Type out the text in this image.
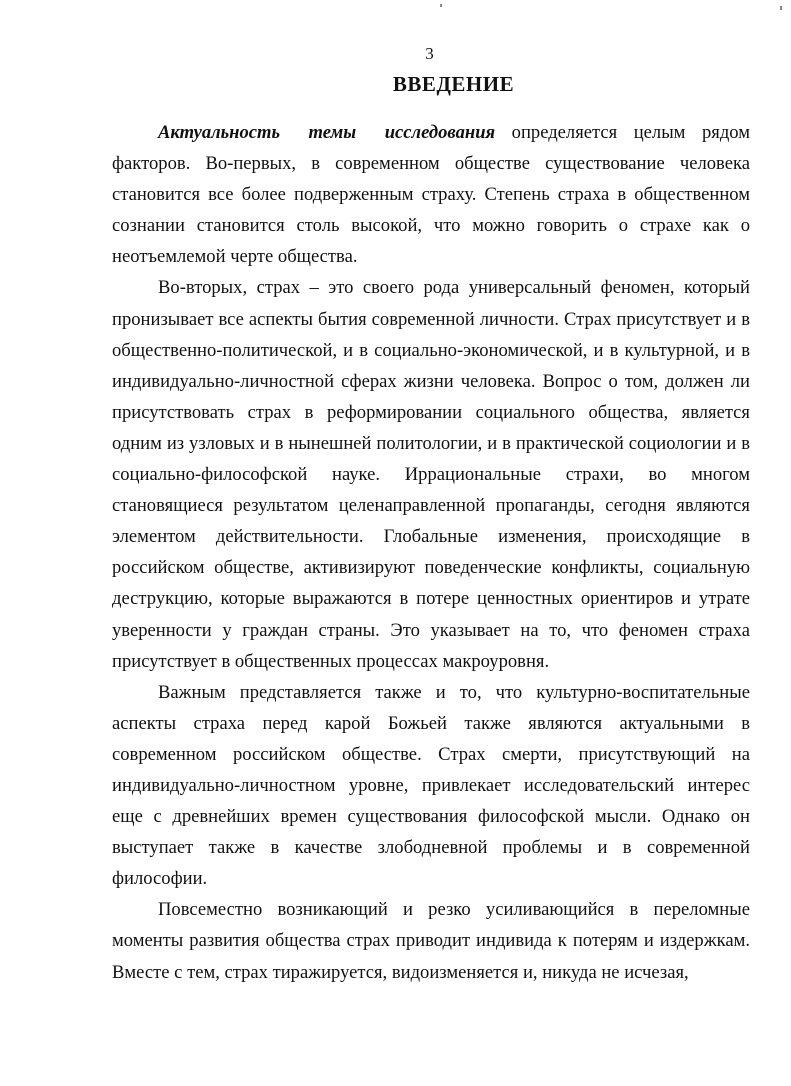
3
ВВЕДЕНИЕ

Актуальность темы исследования определяется целым рядом факторов. Во-первых, в современном обществе существование человека становится все более подверженным страху. Степень страха в общественном сознании становится столь высокой, что можно говорить о страхе как о неотъемлемой черте общества.

Во-вторых, страх – это своего рода универсальный феномен, который пронизывает все аспекты бытия современной личности. Страх присутствует и в общественно-политической, и в социально-экономической, и в культурной, и в индивидуально-личностной сферах жизни человека. Вопрос о том, должен ли присутствовать страх в реформировании социального общества, является одним из узловых и в нынешней политологии, и в практической социологии и в социально-философской науке. Иррациональные страхи, во многом становящиеся результатом целенаправленной пропаганды, сегодня являются элементом действительности. Глобальные изменения, происходящие в российском обществе, активизируют поведенческие конфликты, социальную деструкцию, которые выражаются в потере ценностных ориентиров и утрате уверенности у граждан страны. Это указывает на то, что феномен страха присутствует в общественных процессах макроуровня.

Важным представляется также и то, что культурно-воспитательные аспекты страха перед карой Божьей также являются актуальными в современном российском обществе. Страх смерти, присутствующий на индивидуально-личностном уровне, привлекает исследовательский интерес еще с древнейших времен существования философской мысли. Однако он выступает также в качестве злободневной проблемы и в современной философии.

Повсеместно возникающий и резко усиливающийся в переломные моменты развития общества страх приводит индивида к потерям и издержкам. Вместе с тем, страх тиражируется, видоизменяется и, никуда не исчезая,
